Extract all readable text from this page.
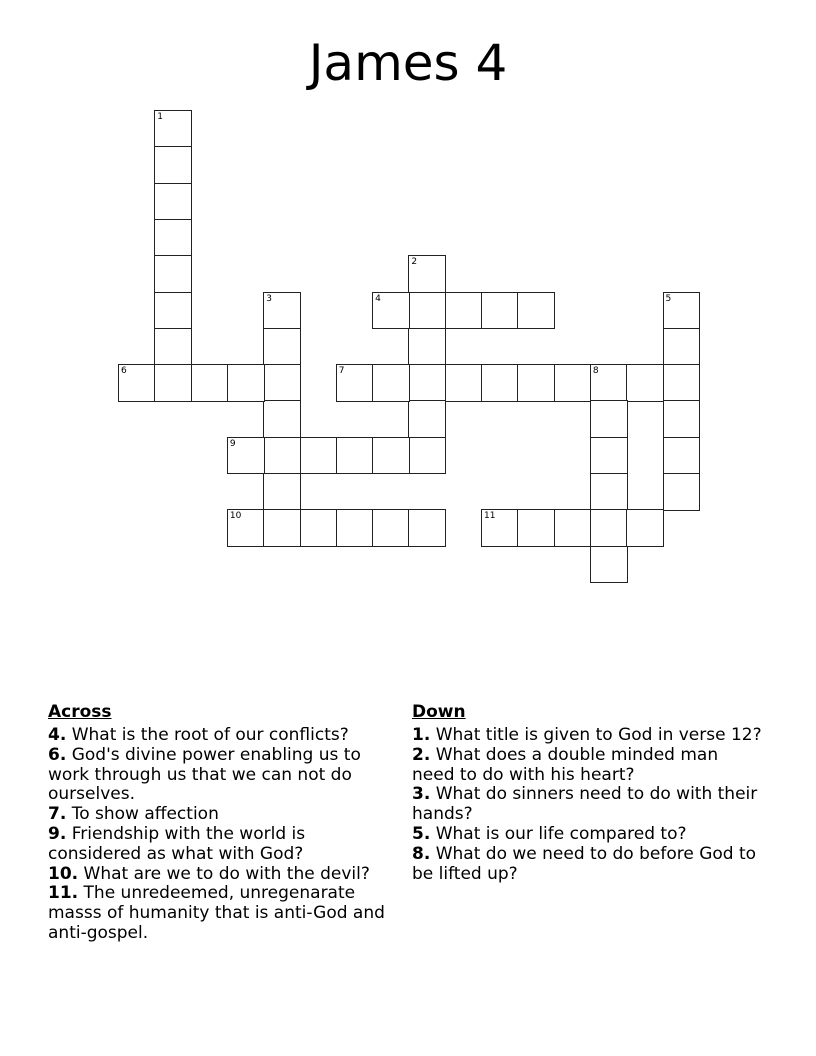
James 4
1
2
3	4	5
6	7	8
9
10	11
Across
4. What is the root of our conflicts?
6. God's divine power enabling us to work through us that we can not do ourselves.
7. To show affection
9. Friendship with the world is considered as what with God?
10. What are we to do with the devil?
11. The unredeemed, unregenarate masss of humanity that is anti-God and anti-gospel.
Down
1. What title is given to God in verse 12?
2. What does a double minded man need to do with his heart?
3. What do sinners need to do with their hands?
5. What is our life compared to?
8. What do we need to do before God to be lifted up?
